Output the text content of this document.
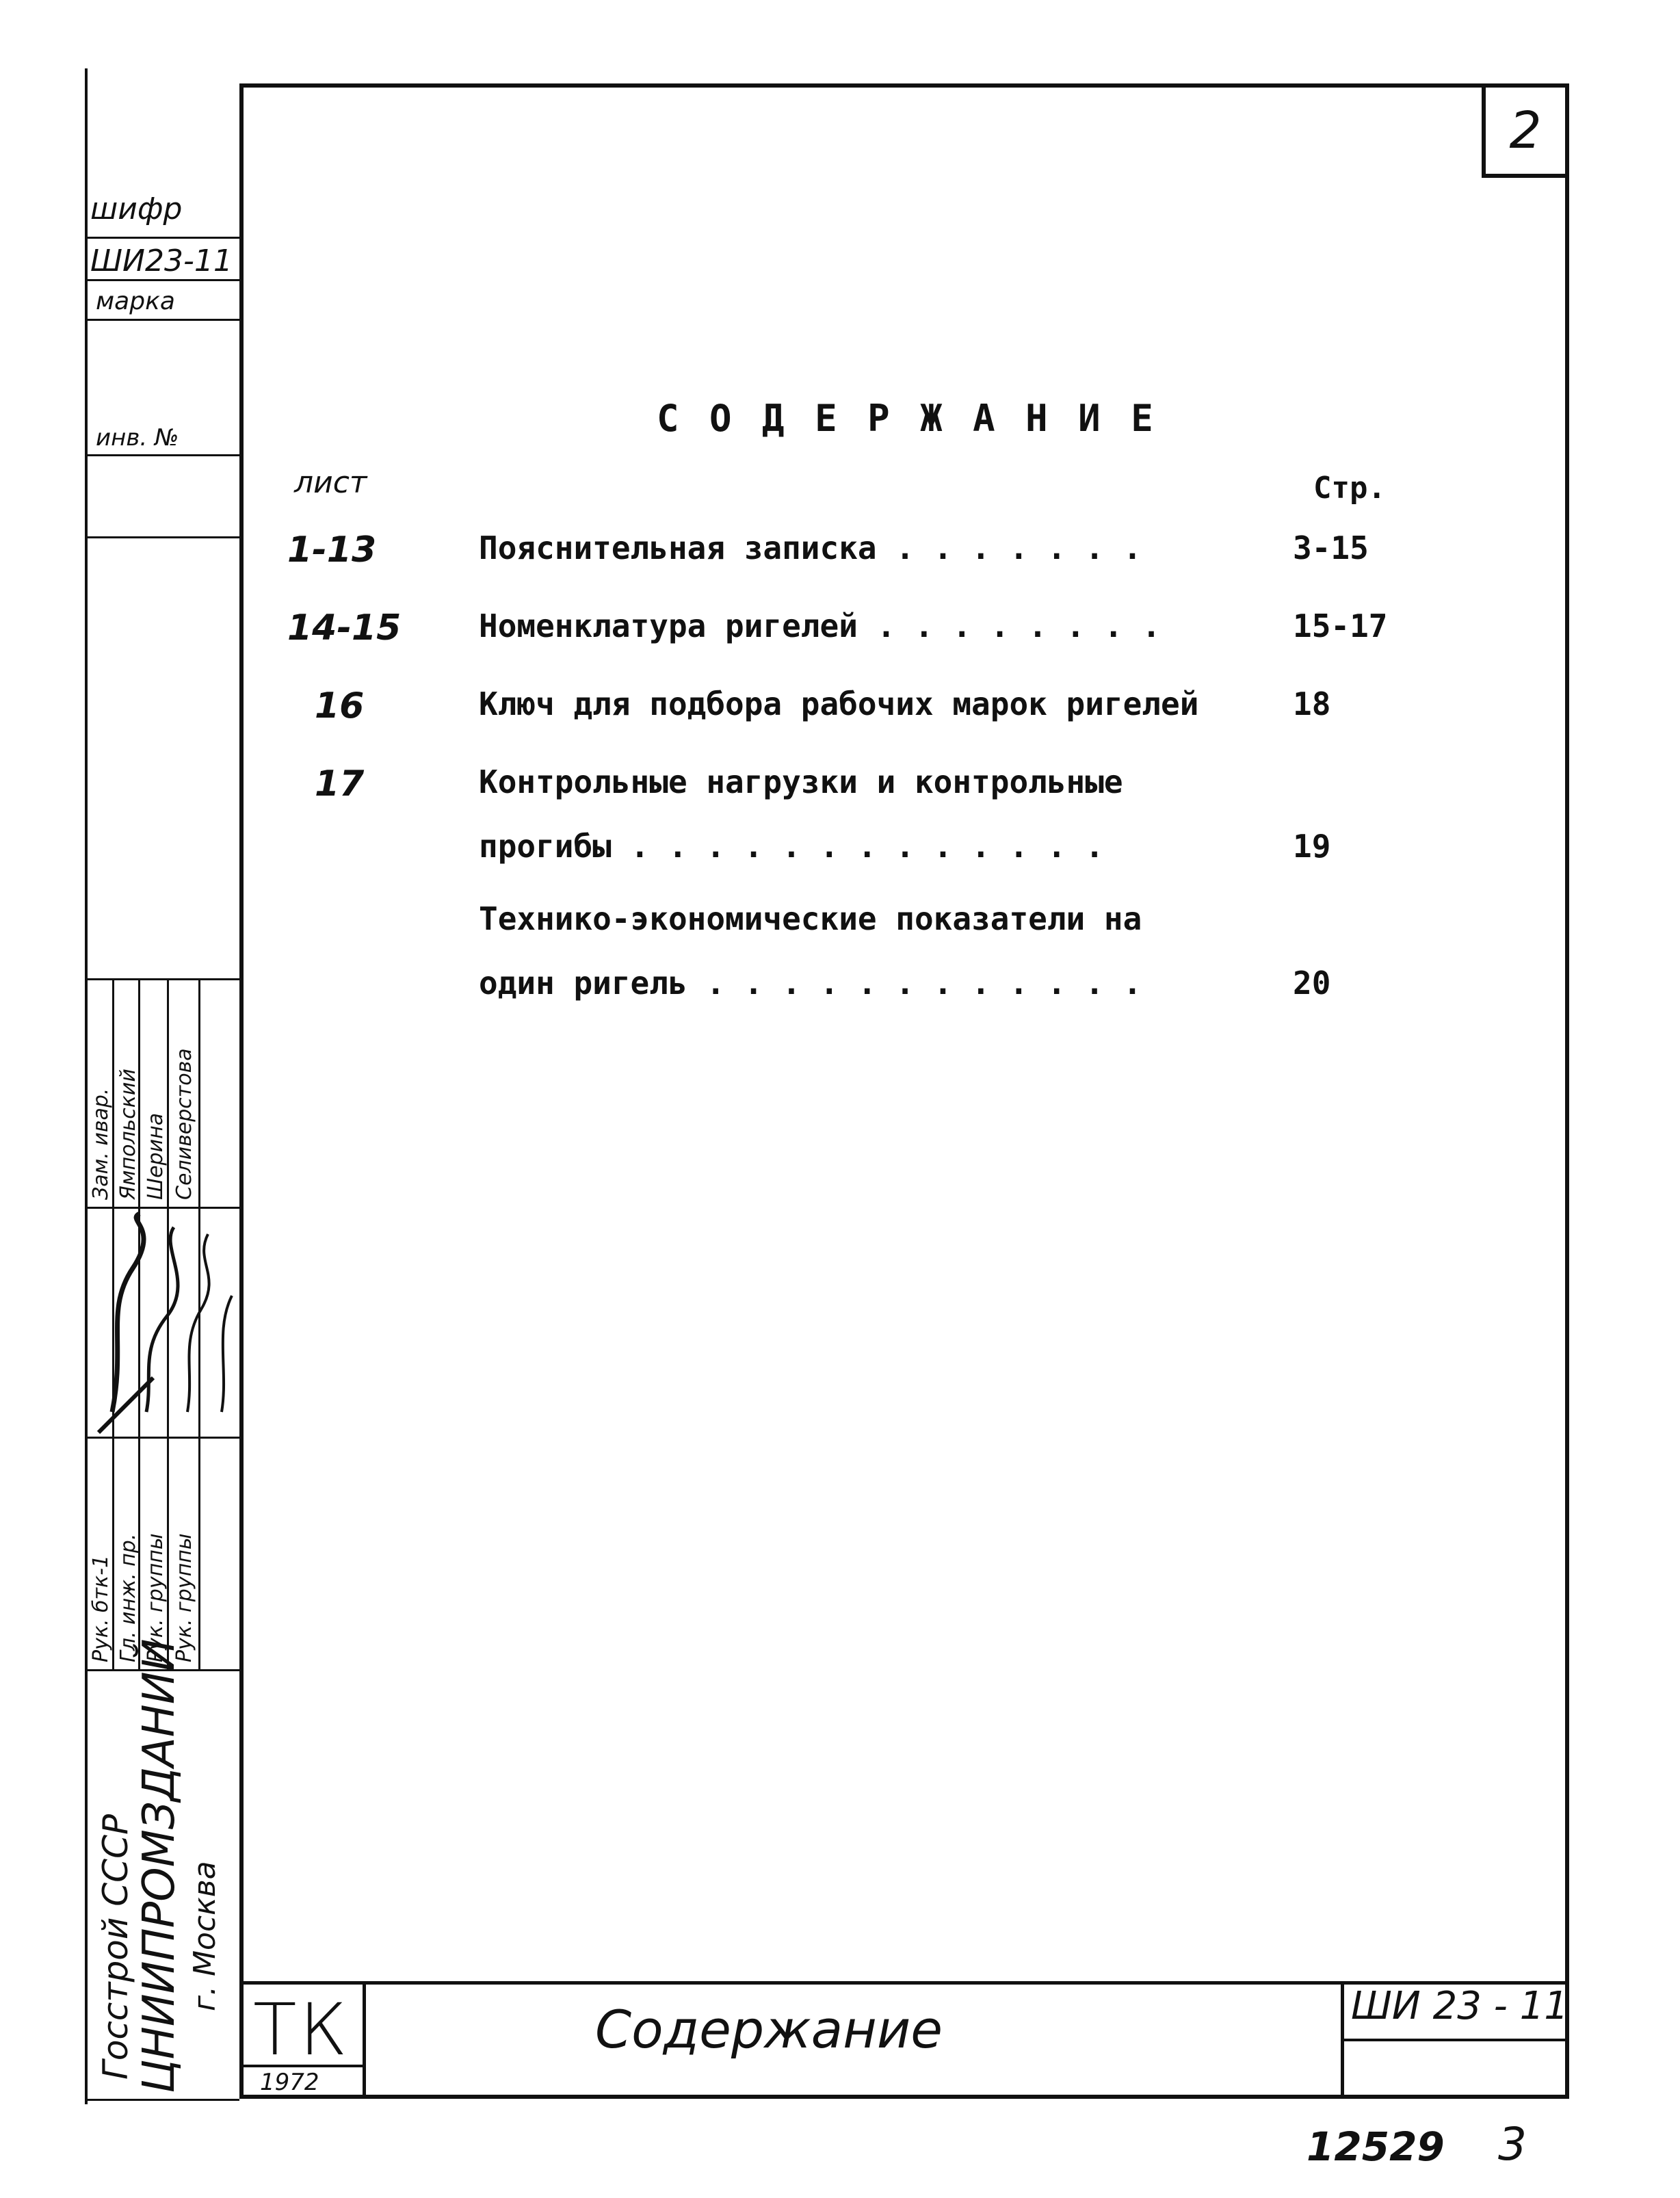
2
шифр
ШИ23-11
марка
инв. №
Рук. бтк-1 Гл. инж. пр. Рук. группы Рук. группы
Зам. ивар. Ямпольский Шерина Селиверстова
Госстрой СССР
ЦНИИПРОМЗДАНИЙ г. Москва
С О Д Е Р Ж А Н И Е
лист	Стр.
1-13	Пояснительная записка . . . . . . .	3-15
14-15	Номенклатура ригелей . . . . . . . .	15-17
16	Ключ для подбора рабочих марок ригелей	18
17	Контрольные нагрузки и контрольные
прогибы . . . . . . . . . . . . .	19
Технико-экономические показатели на
один ригель . . . . . . . . . . . .	20
ТК
1972
Содержание	ШИ 23 - 11
12529 3
